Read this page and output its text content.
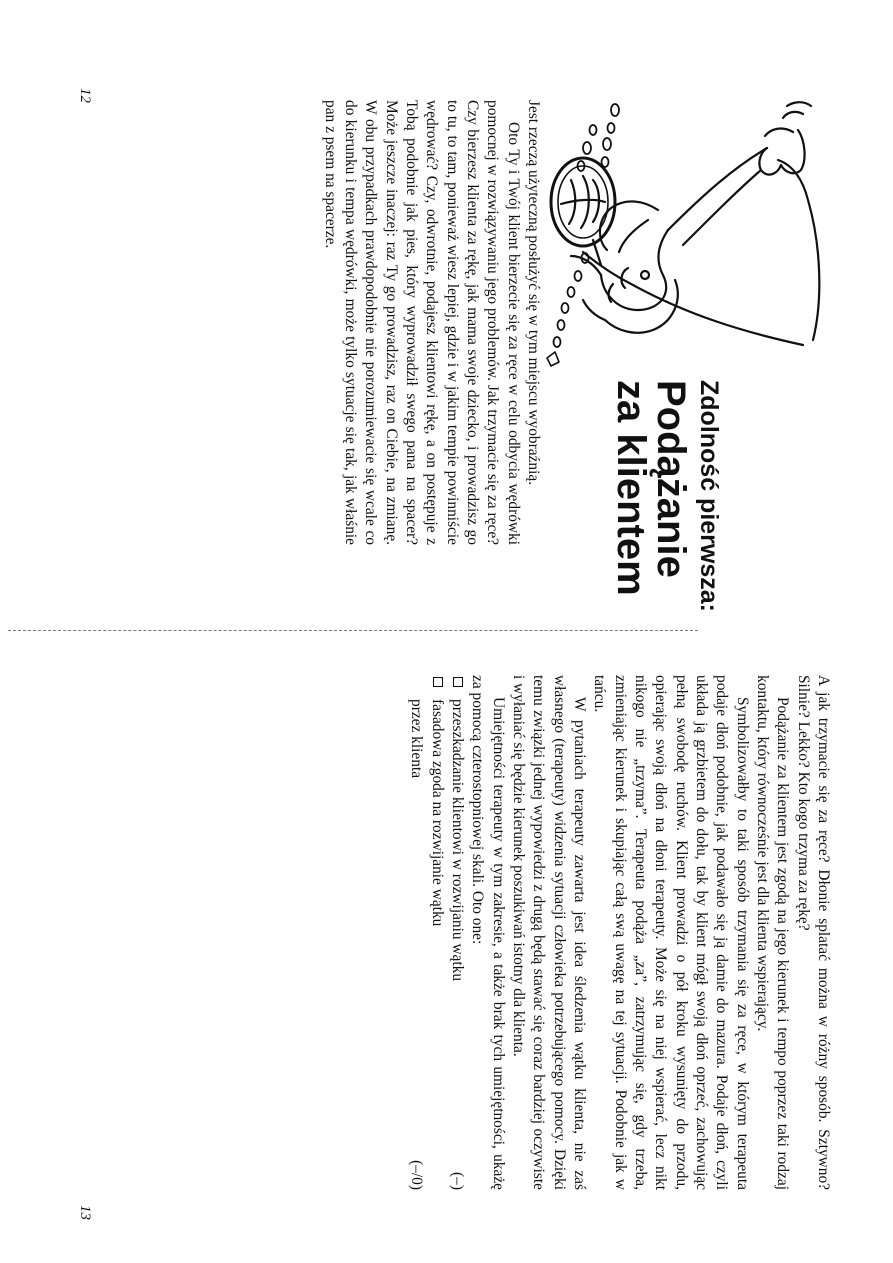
Zdolność pierwsza:
Podążanie za klientem

Jest rzeczą użyteczną posłużyć się w tym miejscu wyobraźnią.

Oto Ty i Twój klient bierzecie się za ręce w celu odbycia wędrówki pomocnej w rozwiązywaniu jego problemów. Jak trzymacie się za ręce? Czy bierzesz klienta za rękę, jak mama swoje dziecko, i prowadzisz go to tu, to tam, ponieważ wiesz lepiej, gdzie i w jakim tempie powinniście wędrować? Czy, odwrotnie, podajesz klientowi rękę, a on postępuje z Tobą podobnie jak pies, który wyprowadził swego pana na spacer? Może jeszcze inaczej: raz Ty go prowadzisz, raz on Ciebie, na zmianę. W obu przypadkach prawdopodobnie nie porozumiewacie się wcale co do kierunku i tempa wędrówki, może tylko sytuacje się tak, jak właśnie pan z psem na spacerze.

12

A jak trzymacie się za ręce? Dłonie splatać można w różny sposób. Sztywno? Silnie? Lekko? Kto kogo trzyma za rękę?

Podążanie za klientem jest zgodą na jego kierunek i tempo poprzez taki rodzaj kontaktu, który równocześnie jest dla klienta wspierający.

Symbolizowałby to taki sposób trzymania się za ręce, w którym terapeuta podaje dłoń podobnie, jak podawało się ją damie do mazura. Podaje dłoń, czyli układa ją grzbietem do dołu, tak by klient mógł swoją dłoń oprzeć, zachowując pełną swobodę ruchów. Klient prowadzi o pół kroku wysunięty do przodu, opierając swoją dłoń na dłoni terapeuty. Może się na niej wspierać, lecz nikt nikogo nie „trzyma”. Terapeuta podąża „za”, zatrzymując się, gdy trzeba, zmieniając kierunek i skupiając całą swą uwagę na tej sytuacji. Podobnie jak w tańcu.

W pytaniach terapeuty zawarta jest idea śledzenia wątku klienta, nie zaś własnego (terapeuty) widzenia sytuacji człowieka potrzebującego pomocy. Dzięki temu związki jednej wypowiedzi z drugą będą stawać się coraz bardziej oczywiste i wyłaniać się będzie kierunek poszukiwań istotny dla klienta.

Umiejętności terapeuty w tym zakresie, a także brak tych umiejętności, ukażę za pomocą czterostopniowej skali. Oto one:

przeszkadzanie klientowi w rozwijaniu wątku
(–)
fasadowa zgoda na rozwijanie wątku
przez klienta
(–/0)
13
